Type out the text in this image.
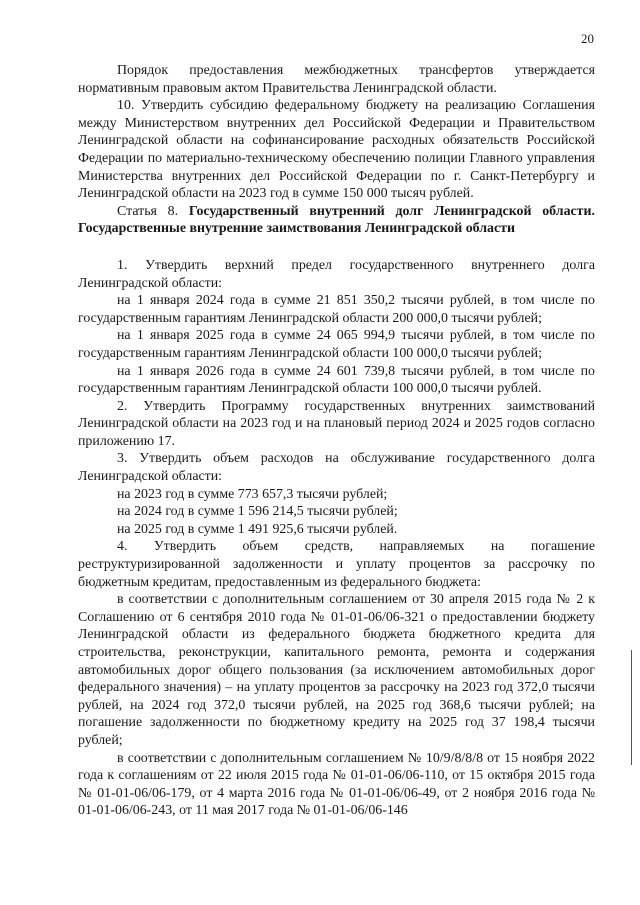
20

Порядок предоставления межбюджетных трансфертов утверждается нормативным правовым актом Правительства Ленинградской области.

10. Утвердить субсидию федеральному бюджету на реализацию Соглашения между Министерством внутренних дел Российской Федерации и Правительством Ленинградской области на софинансирование расходных обязательств Российской Федерации по материально-техническому обеспечению полиции Главного управления Министерства внутренних дел Российской Федерации по г. Санкт-Петербургу и Ленинградской области на 2023 год в сумме 150 000 тысяч рублей.

Статья 8. Государственный внутренний долг Ленинградской области. Государственные внутренние заимствования Ленинградской области

1. Утвердить верхний предел государственного внутреннего долга Ленинградской области:

на 1 января 2024 года в сумме 21 851 350,2 тысячи рублей, в том числе по государственным гарантиям Ленинградской области 200 000,0 тысячи рублей;

на 1 января 2025 года в сумме 24 065 994,9 тысячи рублей, в том числе по государственным гарантиям Ленинградской области 100 000,0 тысячи рублей;

на 1 января 2026 года в сумме 24 601 739,8 тысячи рублей, в том числе по государственным гарантиям Ленинградской области 100 000,0 тысячи рублей.

2. Утвердить Программу государственных внутренних заимствований Ленинградской области на 2023 год и на плановый период 2024 и 2025 годов согласно приложению 17.

3. Утвердить объем расходов на обслуживание государственного долга Ленинградской области:

на 2023 год в сумме 773 657,3 тысячи рублей;

на 2024 год в сумме 1 596 214,5 тысячи рублей;

на 2025 год в сумме 1 491 925,6 тысячи рублей.

4. Утвердить объем средств, направляемых на погашение реструктуризированной задолженности и уплату процентов за рассрочку по бюджетным кредитам, предоставленным из федерального бюджета:

в соответствии с дополнительным соглашением от 30 апреля 2015 года № 2 к Соглашению от 6 сентября 2010 года № 01-01-06/06-321 о предоставлении бюджету Ленинградской области из федерального бюджета бюджетного кредита для строительства, реконструкции, капитального ремонта, ремонта и содержания автомобильных дорог общего пользования (за исключением автомобильных дорог федерального значения) – на уплату процентов за рассрочку на 2023 год 372,0 тысячи рублей, на 2024 год 372,0 тысячи рублей, на 2025 год 368,6 тысячи рублей; на погашение задолженности по бюджетному кредиту на 2025 год 37 198,4 тысячи рублей;

в соответствии с дополнительным соглашением № 10/9/8/8/8 от 15 ноября 2022 года к соглашениям от 22 июля 2015 года № 01-01-06/06-110, от 15 октября 2015 года № 01-01-06/06-179, от 4 марта 2016 года № 01-01-06/06-49, от 2 ноября 2016 года № 01-01-06/06-243, от 11 мая 2017 года № 01-01-06/06-146
